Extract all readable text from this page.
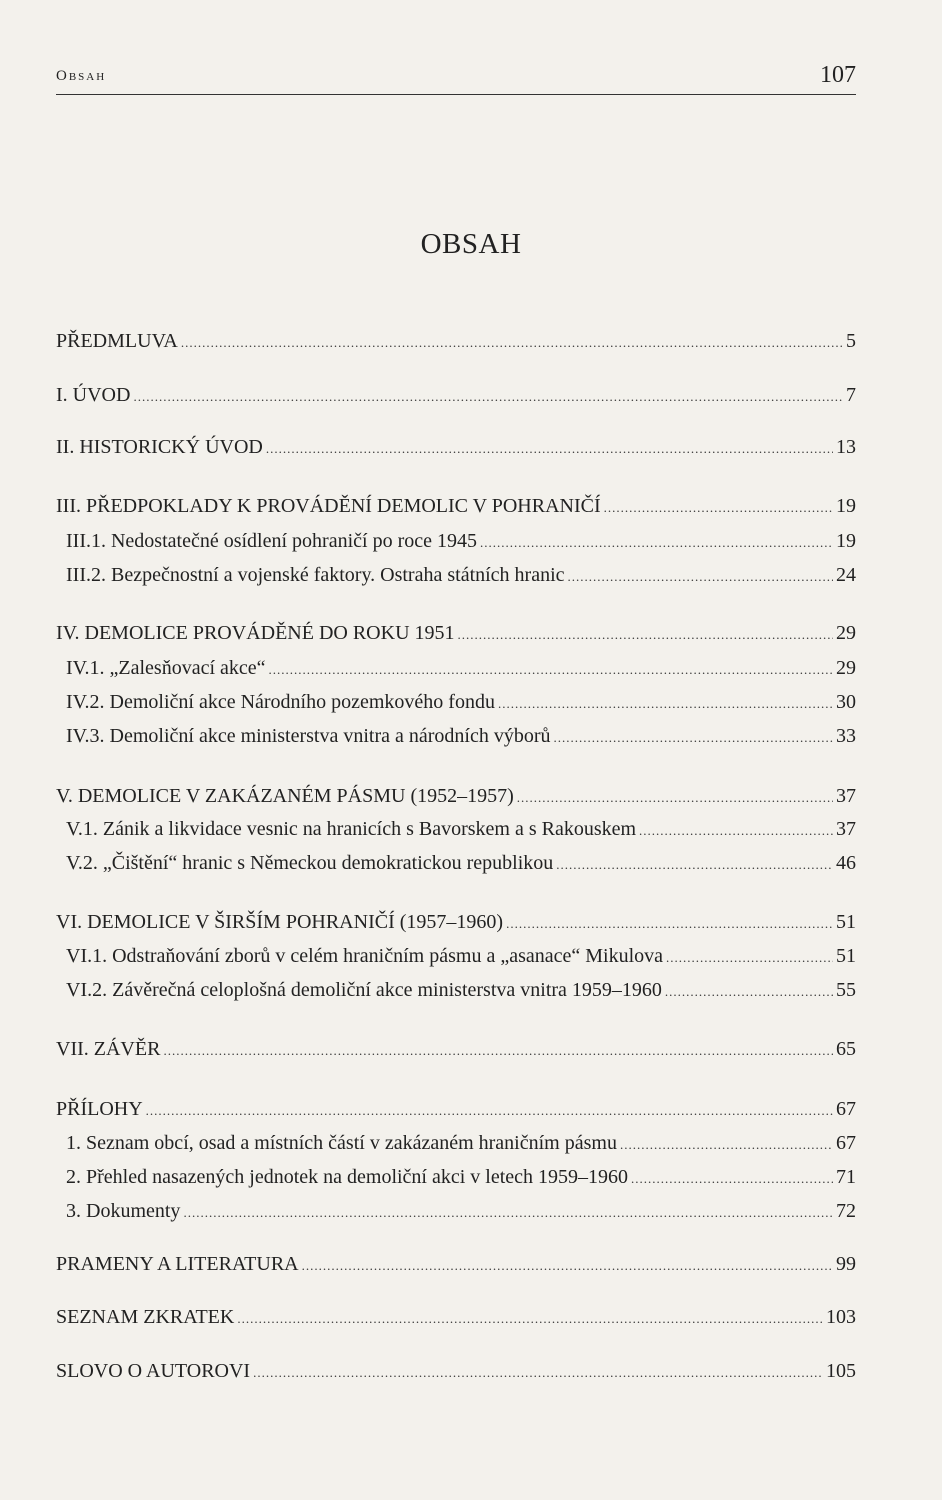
Obsah	107
OBSAH
PŘEDMLUVA .....	5
I. ÚVOD .....	7
II. HISTORICKÝ ÚVOD .....	13
III. PŘEDPOKLADY K PROVÁDĚNÍ DEMOLIC V POHRANIČÍ .....	19
III.1. Nedostatečné osídlení pohraničí po roce 1945 .....	19
III.2. Bezpečnostní a vojenské faktory. Ostraha státních hranic .....	24
IV. DEMOLICE PROVÁDĚNÉ DO ROKU 1951 .....	29
IV.1. „Zalesňovací akce“ .....	29
IV.2. Demoliční akce Národního pozemkového fondu .....	30
IV.3. Demoliční akce ministerstva vnitra a národních výborů .....	33
V. DEMOLICE V ZAKÁZANÉM PÁSMU (1952–1957) .....	37
V.1. Zánik a likvidace vesnic na hranicích s Bavorskem a s Rakouskem .....	37
V.2. „Čištění“ hranic s Německou demokratickou republikou .....	46
VI. DEMOLICE V ŠIRŠÍM POHRANIČÍ (1957–1960) .....	51
VI.1. Odstraňování zborů v celém hraničním pásmu a „asanace“ Mikulova .....	51
VI.2. Závěrečná celoplošná demoliční akce ministerstva vnitra 1959–1960 .....	55
VII. ZÁVĚR .....	65
PŘÍLOHY .....	67
1. Seznam obcí, osad a místních částí v zakázaném hraničním pásmu .....	67
2. Přehled nasazených jednotek na demoliční akci v letech 1959–1960 .....	71
3. Dokumenty .....	72
PRAMENY A LITERATURA .....	99
SEZNAM ZKRATEK .....	103
SLOVO O AUTOROVI .....	105
